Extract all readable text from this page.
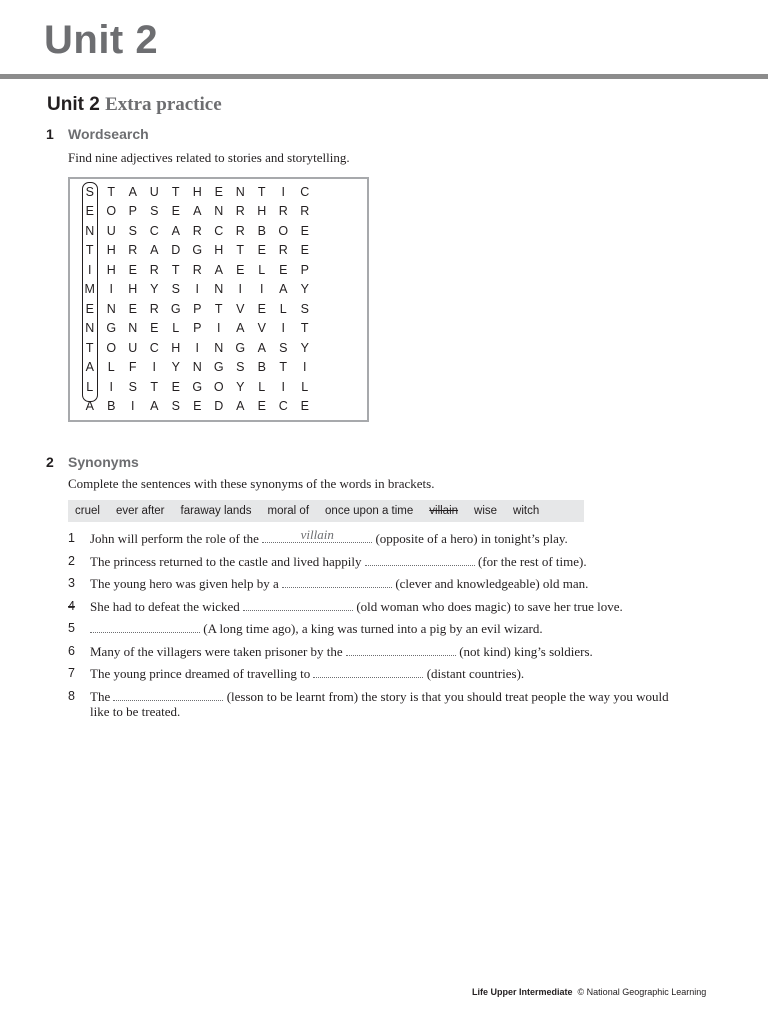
Unit 2
Unit 2 Extra practice
1 Wordsearch
Find nine adjectives related to stories and storytelling.
S	T	A	U	T	H	E	N	T	I	C
E O P	S	E	A	N R H R R
N U	S	C	A	R C R	B O E
T	H R	A	D G H	T	E	R	E
I	H	E	R	T	R	A	E	L	E	P
M	I	H	Y	S	I	N	I	I	A	Y
E	N	E	R G P	T	V	E	L	S
N G N	E	L	P	I	A	V	I	T
T	O U C H	I	N G A	S	Y
A	L	F	I	Y	N G S	B	T	I
L	I	S	T	E G O Y	L	I	L
A	B	I	A	S	E	D	A	E	C	E
2 Synonyms
Complete the sentences with these synonyms of the words in brackets.
cruel ever after faraway lands moral of once upon a time villain wise witch
1 John will perform the role of the	villain	(opposite of a hero) in tonight’s play.
2 The princess returned to the castle and lived happily	(for the rest of time).
3 The young hero was given help by a	(clever and knowledgeable) old man.
4 She had to defeat the wicked	(old woman who does magic) to save her true love.
5	(A long time ago), a king was turned into a pig by an evil wizard.
6 Many of the villagers were taken prisoner by the	(not kind) king’s soldiers.
7 The young prince dreamed of travelling to	(distant countries).
8 The	(lesson to be learnt from) the story is that you should treat people the way you would like to be treated.
Life Upper Intermediate © National Geographic Learning
